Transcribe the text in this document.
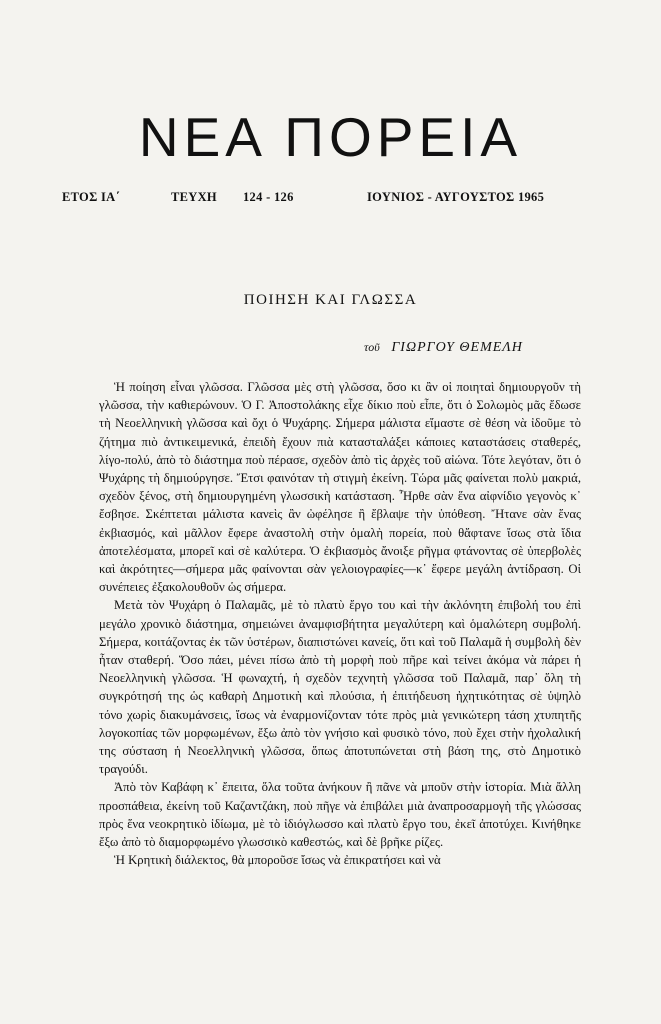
ΝΕΑ ΠΟΡΕΙΑ
ΕΤΟΣ ΙΑ΄	ΤΕΥΧΗ 124 - 126	ΙΟΥΝΙΟΣ - ΑΥΓΟΥΣΤΟΣ 1965
ΠΟΙΗΣΗ ΚΑΙ ΓΛΩΣΣΑ
τοῦ ΓΙΩΡΓΟΥ ΘΕΜΕΛΗ

Ἡ ποίηση εἶναι γλῶσσα. Γλῶσσα μὲς στὴ γλῶσσα, ὅσο κι ἂν οἱ ποιηταὶ δημιουργοῦν τὴ γλῶσσα, τὴν καθιερώνουν. Ὁ Γ. Ἀποστολάκης εἶχε δίκιο ποὺ εἶπε, ὅτι ὁ Σολωμὸς μᾶς ἔδωσε τὴ Νεοελληνικὴ γλῶσσα καὶ ὄχι ὁ Ψυχάρης. Σήμερα μάλιστα εἴμαστε σὲ θέση νὰ ἰδοῦμε τὸ ζήτημα πιὸ ἀντικειμενικά, ἐπειδὴ ἔχουν πιὰ κατασταλάξει κάποιες καταστάσεις σταθερές, λίγο-πολύ, ἀπὸ τὸ διάστημα ποὺ πέρασε, σχεδὸν ἀπὸ τὶς ἀρχὲς τοῦ αἰώνα. Τότε λεγόταν, ὅτι ὁ Ψυχάρης τὴ δημιούργησε. Ἔτσι φαινόταν τὴ στιγμὴ ἐκείνη. Τώρα μᾶς φαίνεται πολὺ μακριά, σχεδὸν ξένος, στὴ δημιουργημένη γλωσσικὴ κατάσταση. Ἦρθε σὰν ἕνα αἰφνίδιο γεγονὸς κ᾽ ἔσβησε. Σκέπτεται μάλιστα κανεὶς ἂν ὠφέλησε ἢ ἔβλαψε τὴν ὑπόθεση. Ἤτανε σὰν ἕνας ἐκβιασμός, καὶ μᾶλλον ἔφερε ἀναστολὴ στὴν ὁμαλὴ πορεία, ποὺ θἄφτανε ἴσως στὰ ἴδια ἀποτελέσματα, μπορεῖ καὶ σὲ καλύτερα. Ὁ ἐκβιασμὸς ἄνοιξε ρῆγμα φτάνοντας σὲ ὑπερβολὲς καὶ ἀκρότητες—σήμερα μᾶς φαίνονται σὰν γελοιογραφίες—κ᾽ ἔφερε μεγάλη ἀντίδραση. Οἱ συνέπειες ἐξακολουθοῦν ὡς σήμερα.

Μετὰ τὸν Ψυχάρη ὁ Παλαμᾶς, μὲ τὸ πλατὺ ἔργο του καὶ τὴν ἀκλόνητη ἐπιβολή του ἐπὶ μεγάλο χρονικὸ διάστημα, σημειώνει ἀναμφισβήτητα μεγαλύτερη καὶ ὁμαλώτερη συμβολή. Σήμερα, κοιτάζοντας ἐκ τῶν ὑστέρων, διαπιστώνει κανείς, ὅτι καὶ τοῦ Παλαμᾶ ἡ συμβολὴ δὲν ἦταν σταθερή. Ὅσο πάει, μένει πίσω ἀπὸ τὴ μορφὴ ποὺ πῆρε καὶ τείνει ἀκόμα νὰ πάρει ἡ Νεοελληνικὴ γλῶσσα. Ἡ φωναχτή, ἡ σχεδὸν τεχνητὴ γλῶσσα τοῦ Παλαμᾶ, παρ᾽ ὅλη τὴ συγκρότησή της ὡς καθαρὴ Δημοτικὴ καὶ πλούσια, ἡ ἐπιτήδευση ἠχητικότητας σὲ ὑψηλὸ τόνο χωρὶς διακυμάνσεις, ἴσως νὰ ἐναρμονίζονταν τότε πρὸς μιὰ γενικώτερη τάση χτυπητῆς λογοκοπίας τῶν μορφωμένων, ἔξω ἀπὸ τὸν γνήσιο καὶ φυσικὸ τόνο, ποὺ ἔχει στὴν ἠχολαλική της σύσταση ἡ Νεοελληνικὴ γλῶσσα, ὅπως ἀποτυπώνεται στὴ βάση της, στὸ Δημοτικὸ τραγούδι.

Ἀπὸ τὸν Καβάφη κ᾽ ἔπειτα, ὅλα τοῦτα ἀνήκουν ἢ πᾶνε νὰ μποῦν στὴν ἱστορία. Μιὰ ἄλλη προσπάθεια, ἐκείνη τοῦ Καζαντζάκη, ποὺ πῆγε νὰ ἐπιβάλει μιὰ ἀναπροσαρμογὴ τῆς γλώσσας πρὸς ἕνα νεοκρητικὸ ἰδίωμα, μὲ τὸ ἰδιόγλωσσο καὶ πλατὺ ἔργο του, ἐκεῖ ἀποτύχει. Κινήθηκε ἔξω ἀπὸ τὸ διαμορφωμένο γλωσσικὸ καθεστώς, καὶ δὲ βρῆκε ρίζες.

Ἡ Κρητικὴ διάλεκτος, θὰ μποροῦσε ἴσως νὰ ἐπικρατήσει καὶ νὰ
